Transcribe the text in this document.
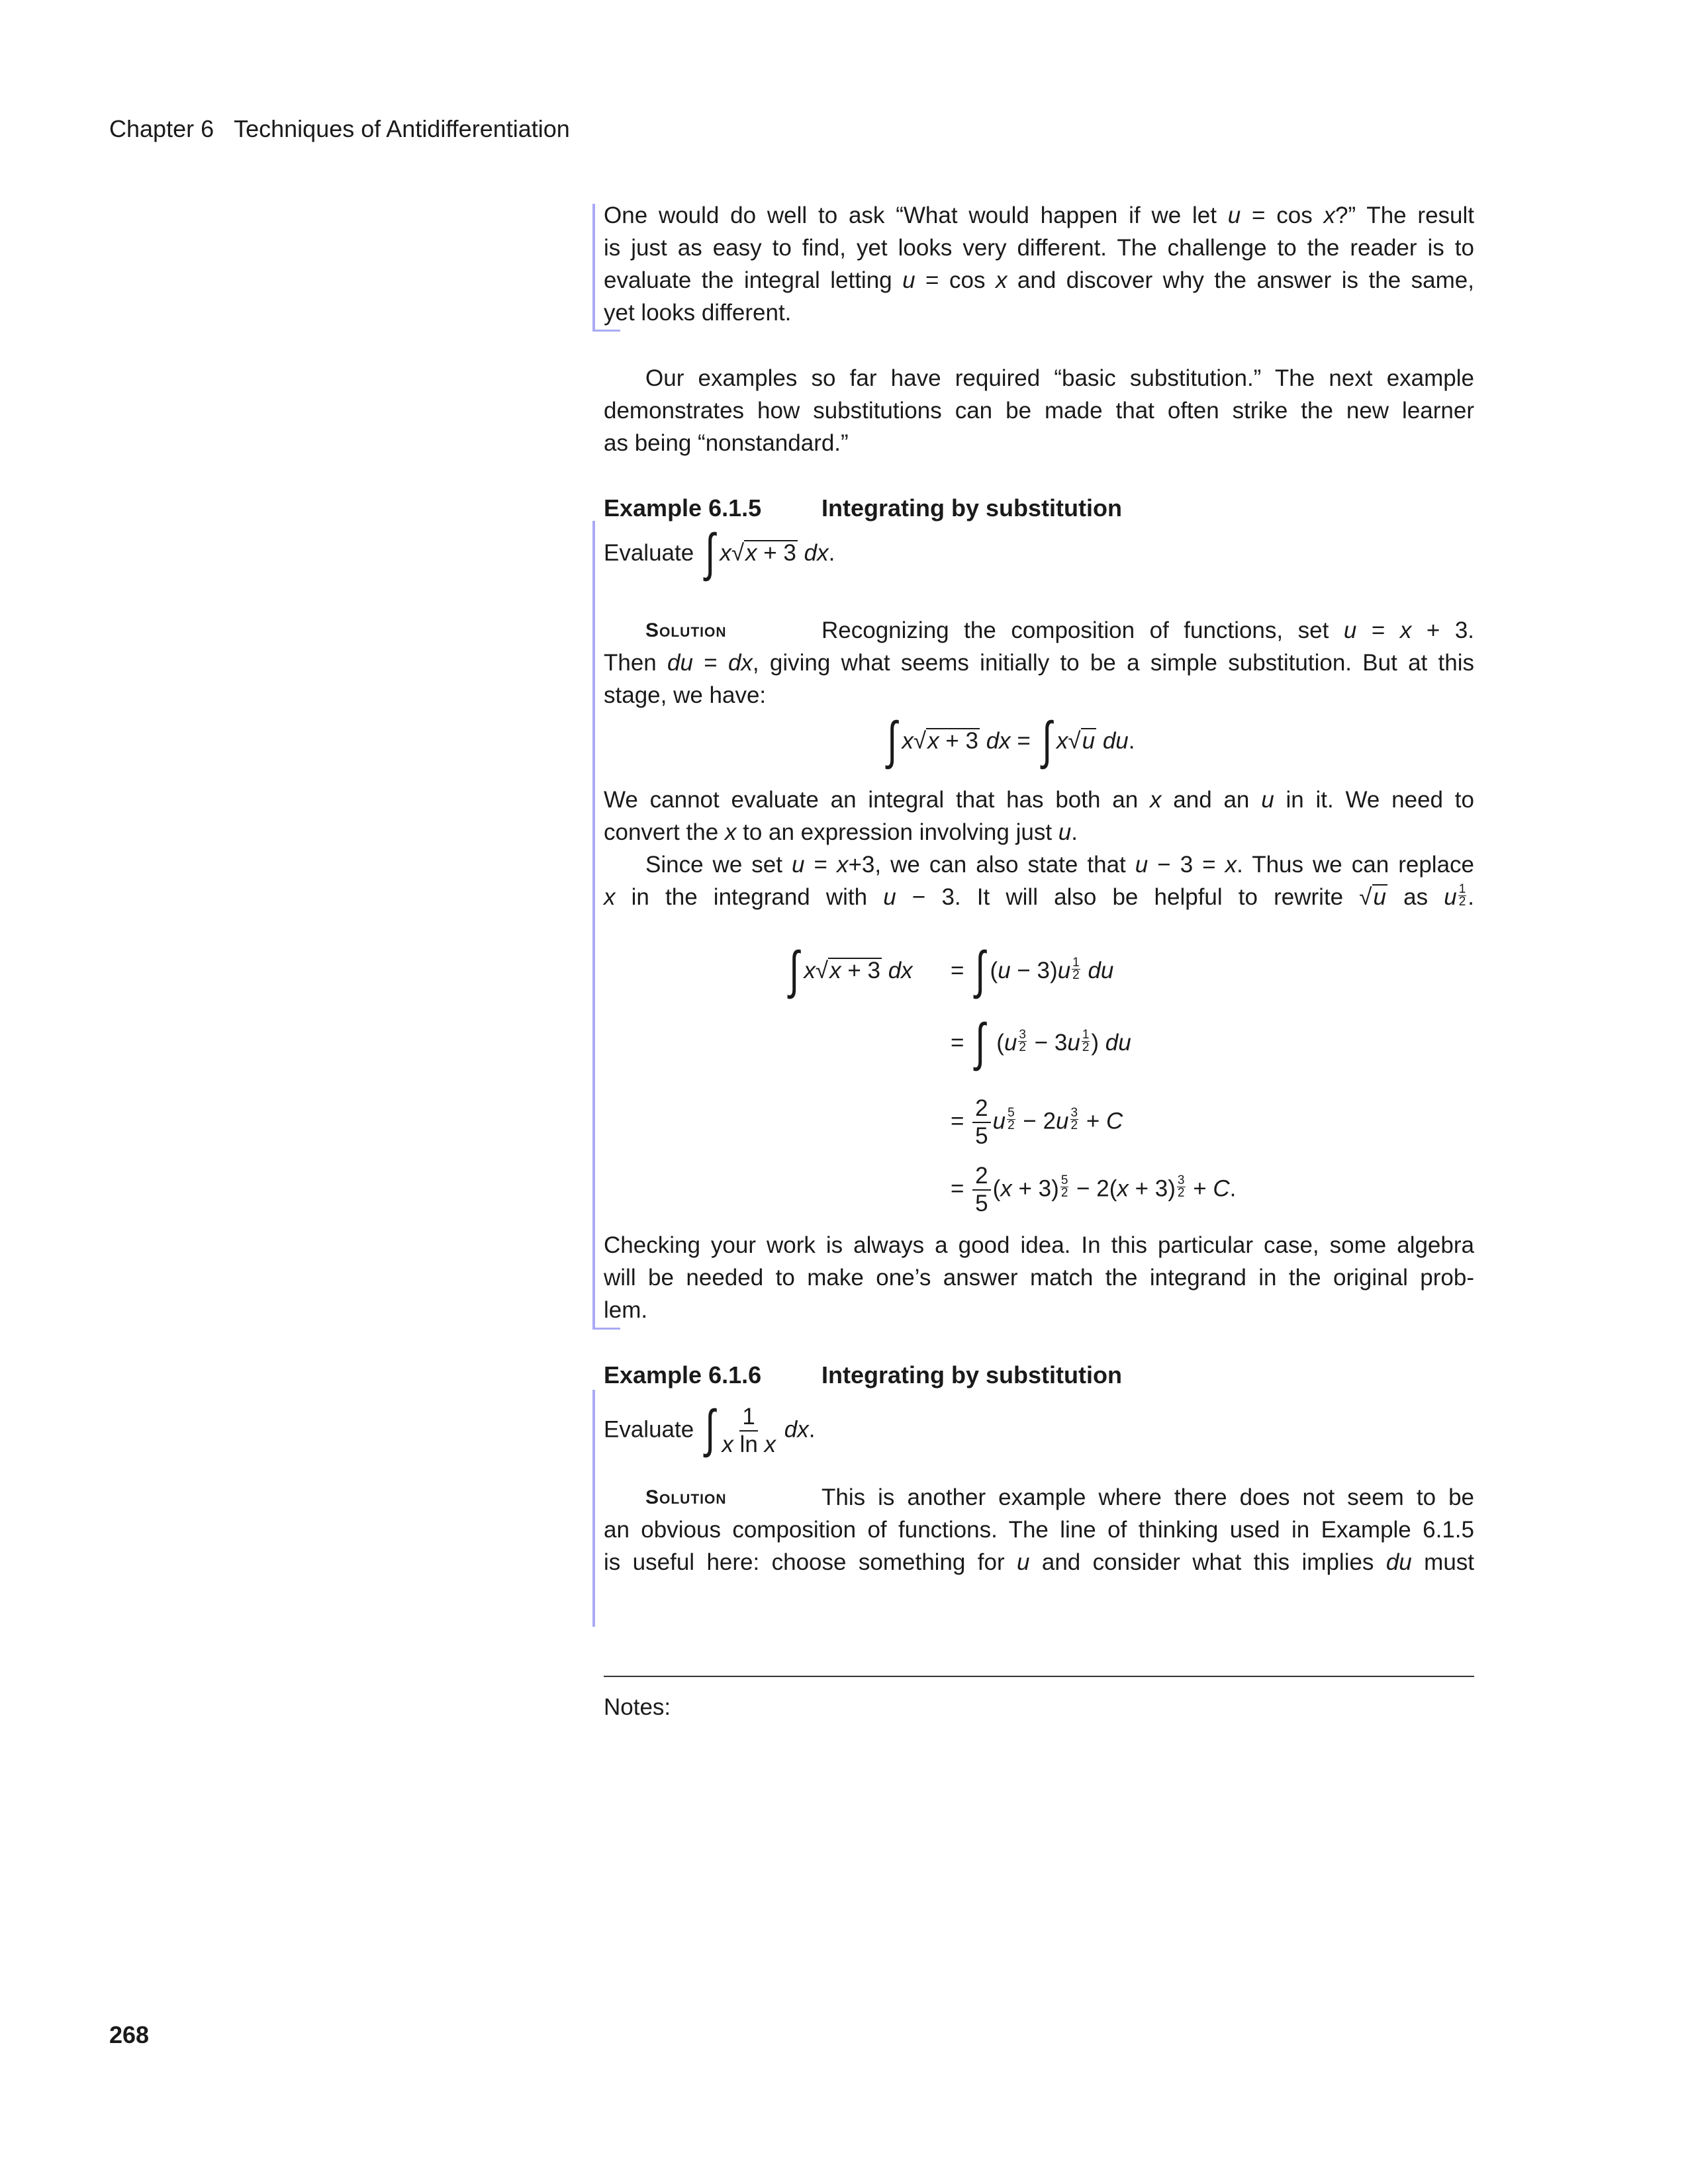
Chapter 6 Techniques of Antidifferentiation
One would do well to ask “What would happen if we let u = cos x?” The result
is just as easy to find, yet looks very different. The challenge to the reader is to
evaluate the integral letting u = cos x and discover why the answer is the same,
yet looks different.
Our examples so far have required “basic substitution.” The next example
demonstrates how substitutions can be made that often strike the new learner
as being “nonstandard.”
Example 6.1.5	Integrating by substitution
Evaluate ∫ x√x + 3 dx.
Solution	Recognizing the composition of functions, set u = x + 3.
Then du = dx, giving what seems initially to be a simple substitution. But at this
stage, we have:
∫ x√x + 3 dx = ∫ x√u du.
We cannot evaluate an integral that has both an x and an u in it. We need to
convert the x to an expression involving just u.
Since we set u = x+3, we can also state that u − 3 = x. Thus we can replace
x in the integrand with u − 3. It will also be helpful to rewrite √u as u $\frac{1}{2}$ .
∫ x√x + 3 dx = ∫ $(u - 3)u \frac{1}{2}$ du
= ∫ ($u \frac{3}{2} - 3u \frac{1}{2}$ ) du
= $\frac{2}{5}$ u $\frac{5}{2} - 2u \frac{3}{2} + C$
= $\frac{2}{5} (x + 3) \frac{5}{2} - 2(x + 3) \frac{3}{2} + C$.
Checking your work is always a good idea. In this particular case, some algebra
will be needed to make one’s answer match the integrand in the original prob-
lem.
Example 6.1.6	Integrating by substitution
Evaluate ∫ $\frac{1}{\text{x ln x}}$ dx.
Solution	This is another example where there does not seem to be
an obvious composition of functions. The line of thinking used in Example 6.1.5
is useful here: choose something for u and consider what this implies du must
Notes:
268
